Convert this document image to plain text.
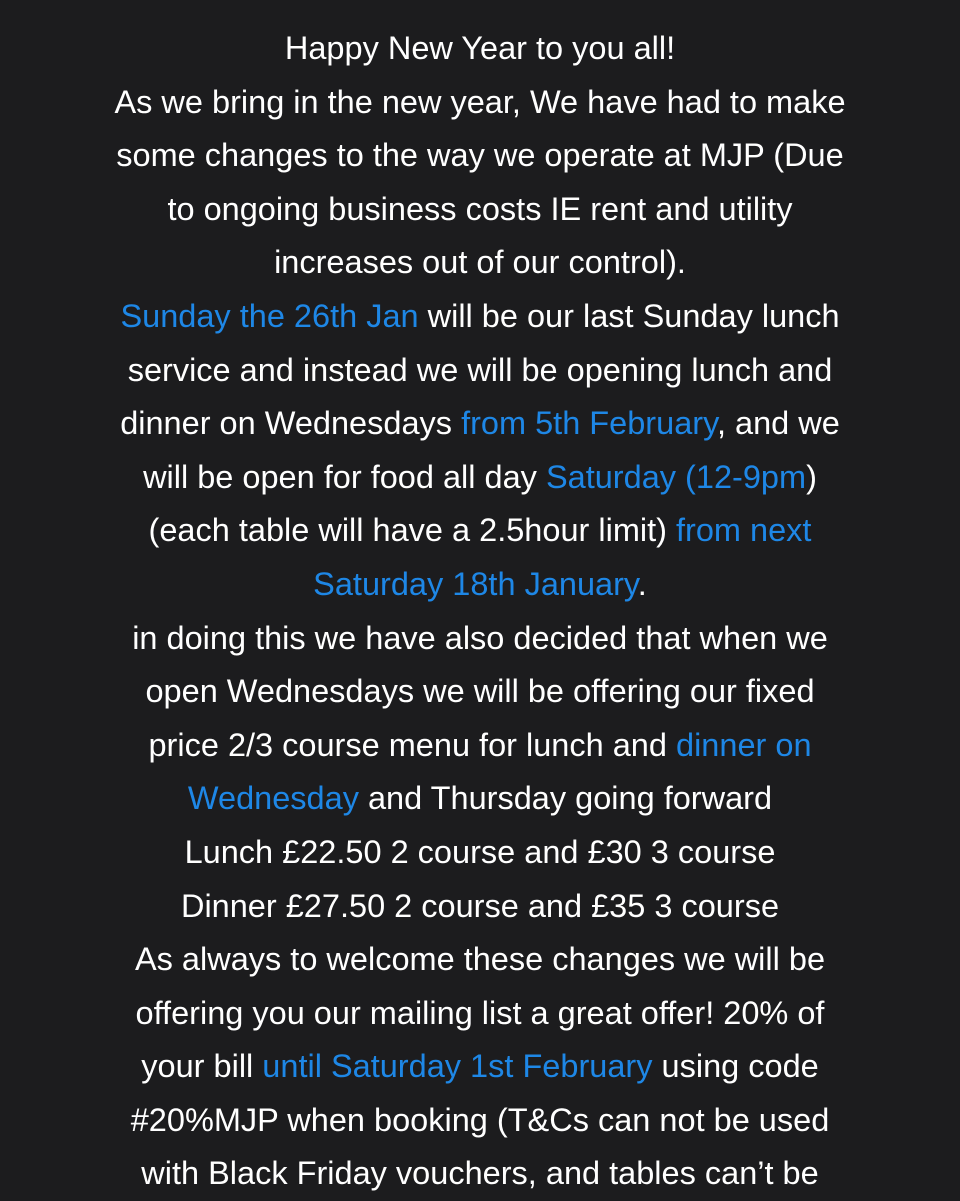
Happy New Year to you all!
As we bring in the new year, We have had to make
some changes to the way we operate at MJP (Due
to ongoing business costs IE rent and utility
increases out of our control).
Sunday the 26th Jan will be our last Sunday lunch
service and instead we will be opening lunch and
dinner on Wednesdays from 5th February, and we
will be open for food all day Saturday (12-9pm)
(each table will have a 2.5hour limit) from next
Saturday 18th January.
in doing this we have also decided that when we
open Wednesdays we will be offering our fixed
price 2/3 course menu for lunch and dinner on
Wednesday and Thursday going forward
Lunch £22.50 2 course and £30 3 course
Dinner £27.50 2 course and £35 3 course
As always to welcome these changes we will be
offering you our mailing list a great offer! 20% of
your bill until Saturday 1st February using code
#20%MJP when booking (T&Cs can not be used
with Black Friday vouchers, and tables can’t be
